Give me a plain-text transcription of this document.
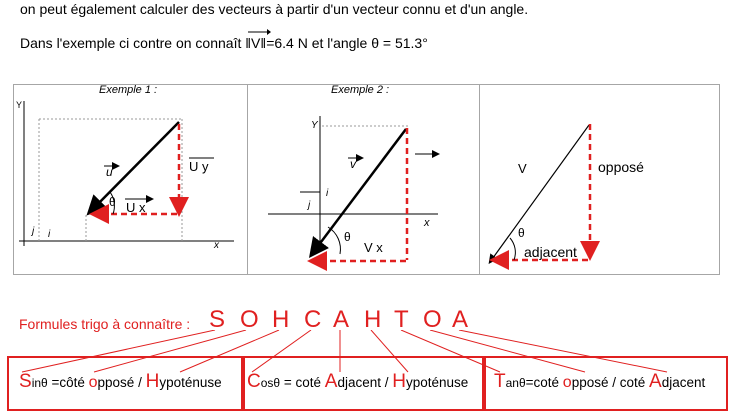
on peut également calculer des vecteurs à partir d'un vecteur connu et d'un angle.
Dans l'exemple ci contre on connaît ‖V‖
=6.4 N et l'angle θ = 51.3°
Exemple 1 :	Exemple 2 :
Y
x
θ U x
U y
u
j i
Y
x
θ
V x
v
j
i
θ
V	opposé
adjacent
Formules trigo à connaître : S O H C A H T O A
Sinθ =côté opposé / Hypoténuse Cosθ = coté Adjacent / Hypoténuse Tanθ=coté opposé / coté Adjacent
